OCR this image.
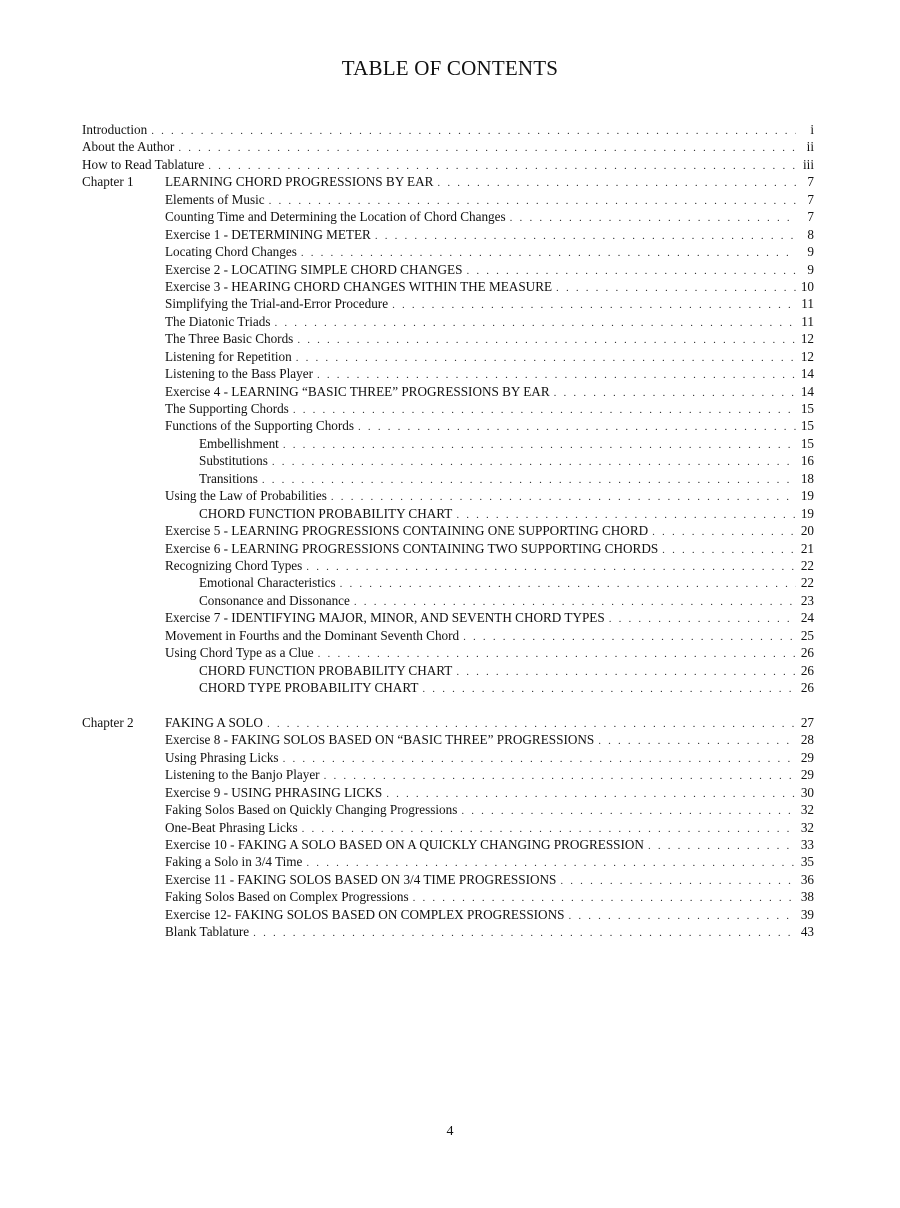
TABLE OF CONTENTS
Introduction . . .	i
About the Author . . .	ii
How to Read Tablature . . .	iii
Chapter 1	LEARNING CHORD PROGRESSIONS BY EAR . . .	7
Elements of Music . . .	7
Counting Time and Determining the Location of Chord Changes . . .	7
Exercise 1 - DETERMINING METER . . .	8
Locating Chord Changes . . .	9
Exercise 2 - LOCATING SIMPLE CHORD CHANGES . . .	9
Exercise 3 - HEARING CHORD CHANGES WITHIN THE MEASURE . . .	10
Simplifying the Trial-and-Error Procedure . . .	11
The Diatonic Triads . . .	11
The Three Basic Chords . . .	12
Listening for Repetition . . .	12
Listening to the Bass Player . . .	14
Exercise 4 - LEARNING “BASIC THREE” PROGRESSIONS BY EAR . . .	14
The Supporting Chords . . .	15
Functions of the Supporting Chords . . .	15
Embellishment . . .	15
Substitutions . . .	16
Transitions . . .	18
Using the Law of Probabilities . . .	19
CHORD FUNCTION PROBABILITY CHART . . .	19
Exercise 5 - LEARNING PROGRESSIONS CONTAINING ONE SUPPORTING CHORD . . .	20
Exercise 6 - LEARNING PROGRESSIONS CONTAINING TWO SUPPORTING CHORDS . . .	21
Recognizing Chord Types . . .	22
Emotional Characteristics . . .	22
Consonance and Dissonance . . .	23
Exercise 7 - IDENTIFYING MAJOR, MINOR, AND SEVENTH CHORD TYPES . . .	24
Movement in Fourths and the Dominant Seventh Chord . . .	25
Using Chord Type as a Clue . . .	26
CHORD FUNCTION PROBABILITY CHART . . .	26
CHORD TYPE PROBABILITY CHART . . .	26
Chapter 2	FAKING A SOLO . . .	27
Exercise 8 - FAKING SOLOS BASED ON “BASIC THREE” PROGRESSIONS . . .	28
Using Phrasing Licks . . .	29
Listening to the Banjo Player . . .	29
Exercise 9 - USING PHRASING LICKS . . .	30
Faking Solos Based on Quickly Changing Progressions . . .	32
One-Beat Phrasing Licks . . .	32
Exercise 10 - FAKING A SOLO BASED ON A QUICKLY CHANGING PROGRESSION . . .	33
Faking a Solo in 3/4 Time . . .	35
Exercise 11 - FAKING SOLOS BASED ON 3/4 TIME PROGRESSIONS . . .	36
Faking Solos Based on Complex Progressions . . .	38
Exercise 12- FAKING SOLOS BASED ON COMPLEX PROGRESSIONS . . .	39
Blank Tablature . . .	43
4
